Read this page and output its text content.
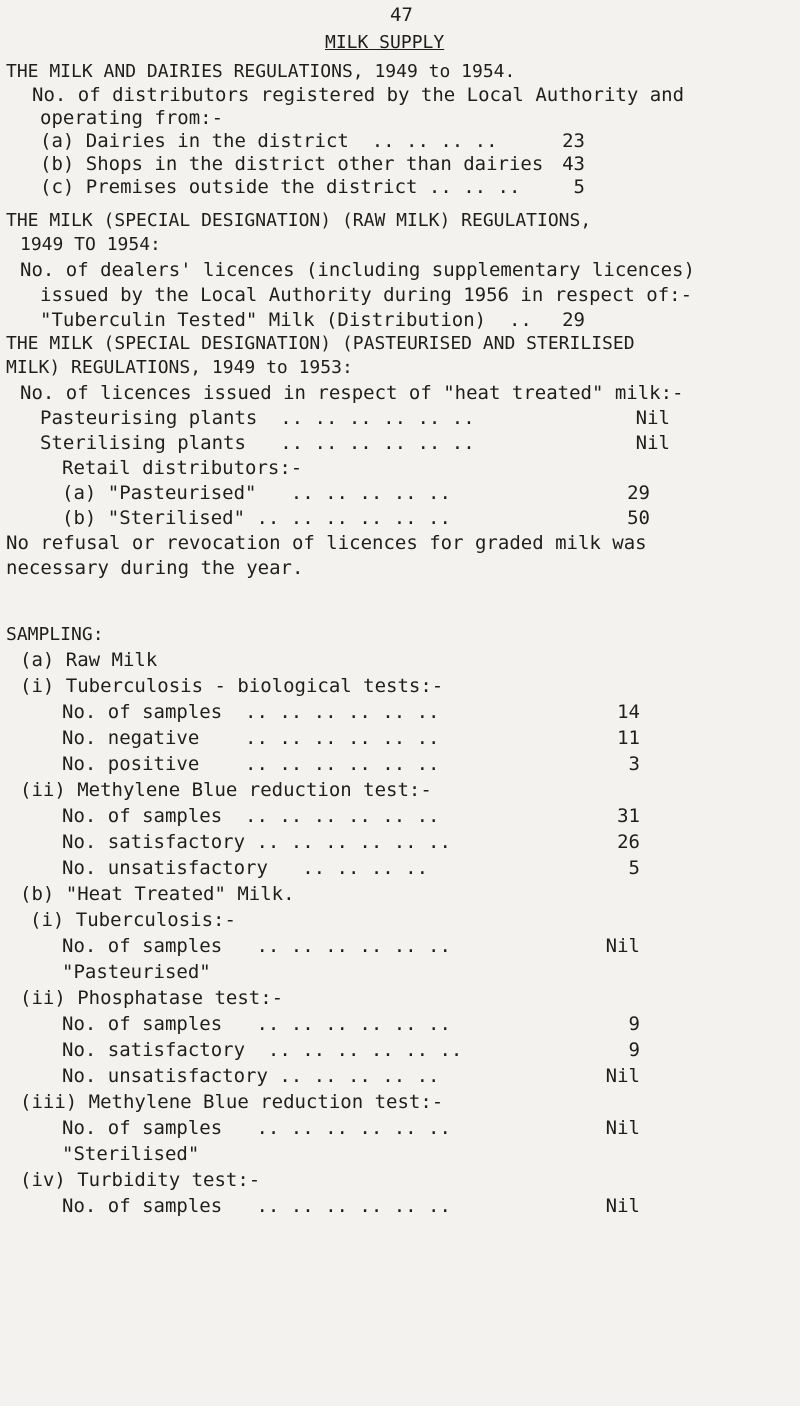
47
MILK SUPPLY
THE MILK AND DAIRIES REGULATIONS, 1949 to 1954.
No. of distributors registered by the Local Authority and
operating from:-
(a) Dairies in the district  .. .. .. ..	23
(b) Shops in the district other than dairies 43
(c) Premises outside the district .. .. ..	5
THE MILK (SPECIAL DESIGNATION) (RAW MILK) REGULATIONS,
1949 TO 1954:
No. of dealers' licences (including supplementary licences)
issued by the Local Authority during 1956 in respect of:-
"Tuberculin Tested" Milk (Distribution)  ..	29
THE MILK (SPECIAL DESIGNATION) (PASTEURISED AND STERILISED
MILK) REGULATIONS, 1949 to 1953:
No. of licences issued in respect of "heat treated" milk:-
Pasteurising plants  .. .. .. .. .. ..	Nil
Sterilising plants   .. .. .. .. .. ..	Nil
Retail distributors:-
(a) "Pasteurised"   .. .. .. .. ..	29
(b) "Sterilised" .. .. .. .. .. ..	50
No refusal or revocation of licences for graded milk was
necessary during the year.
SAMPLING:
(a) Raw Milk
(i) Tuberculosis - biological tests:-
No. of samples  .. .. .. .. .. ..	14
No. negative    .. .. .. .. .. ..	11
No. positive    .. .. .. .. .. ..	3
(ii) Methylene Blue reduction test:-
No. of samples  .. .. .. .. .. ..	31
No. satisfactory .. .. .. .. .. ..	26
No. unsatisfactory   .. .. .. ..	5
(b) "Heat Treated" Milk.
(i) Tuberculosis:-
No. of samples   .. .. .. .. .. ..	Nil
"Pasteurised"
(ii) Phosphatase test:-
No. of samples   .. .. .. .. .. ..	9
No. satisfactory  .. .. .. .. .. ..	9
No. unsatisfactory .. .. .. .. ..	Nil
(iii) Methylene Blue reduction test:-
No. of samples   .. .. .. .. .. ..	Nil
"Sterilised"
(iv) Turbidity test:-
No. of samples   .. .. .. .. .. ..	Nil
